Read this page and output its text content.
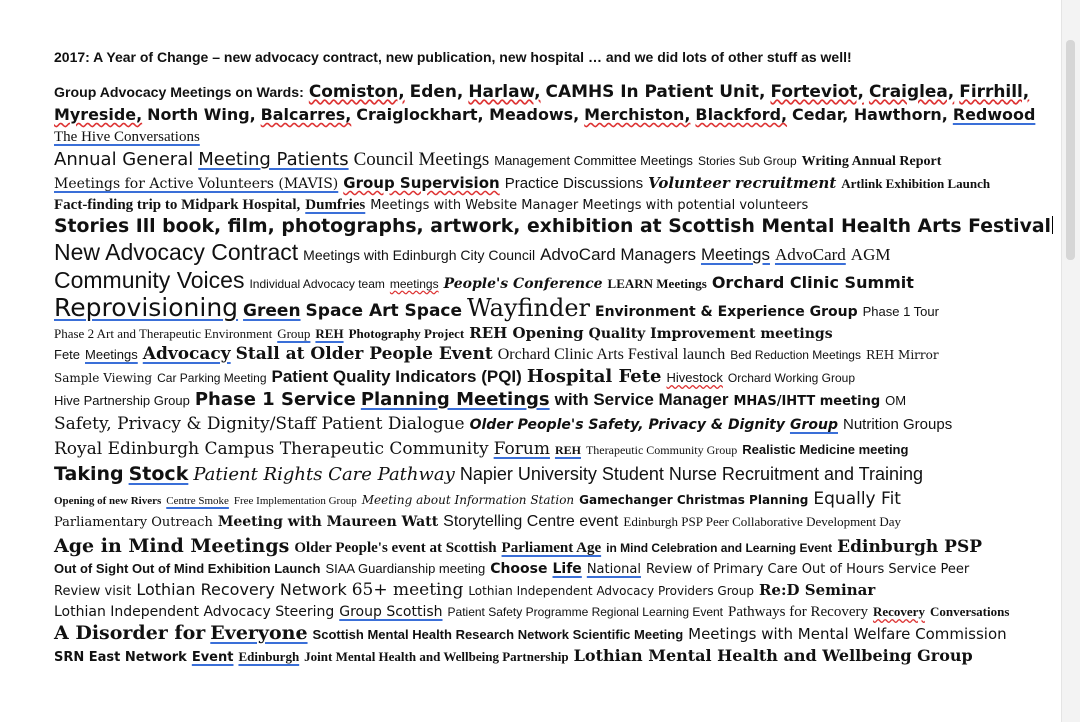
2017: A Year of Change – new advocacy contract, new publication, new hospital … and we did lots of other stuff as well!
Group Advocacy Meetings on Wards: Comiston, Eden, Harlaw, CAMHS In Patient Unit, Forteviot, Craiglea, Firrhill,
Myreside, North Wing, Balcarres, Craiglockhart, Meadows, Merchiston, Blackford, Cedar, Hawthorn, Redwood
The Hive Conversations
Annual General Meeting Patients Council Meetings Management Committee Meetings Stories Sub Group Writing Annual Report
Meetings for Active Volunteers (MAVIS) Group Supervision Practice Discussions Volunteer recruitment Artlink Exhibition Launch
Fact-finding trip to Midpark Hospital, Dumfries Meetings with Website Manager Meetings with potential volunteers
Stories Ill book, film, photographs, artwork, exhibition at Scottish Mental Health Arts Festival
New Advocacy Contract Meetings with Edinburgh City Council AdvoCard Managers Meetings AdvoCard AGM
Community Voices Individual Advocacy team meetings People's Conference LEARN Meetings Orchard Clinic Summit
Reprovisioning Green Space Art Space Wayfinder Environment & Experience Group Phase 1 Tour
Phase 2 Art and Therapeutic Environment Group REH Photography Project REH Opening Quality Improvement meetings
Fete Meetings Advocacy Stall at Older People Event Orchard Clinic Arts Festival launch Bed Reduction Meetings REH Mirror
Sample Viewing Car Parking Meeting Patient Quality Indicators (PQI) Hospital Fete Hivestock Orchard Working Group
Hive Partnership Group Phase 1 Service Planning Meetings with Service Manager MHAS/IHTT meeting OM
Safety, Privacy & Dignity/Staff Patient Dialogue Older People's Safety, Privacy & Dignity Group Nutrition Groups
Royal Edinburgh Campus Therapeutic Community Forum REH Therapeutic Community Group Realistic Medicine meeting
Taking Stock Patient Rights Care Pathway Napier University Student Nurse Recruitment and Training
Opening of new Rivers Centre Smoke Free Implementation Group Meeting about Information Station Gamechanger Christmas Planning Equally Fit
Parliamentary Outreach Meeting with Maureen Watt Storytelling Centre event Edinburgh PSP Peer Collaborative Development Day
Age in Mind Meetings Older People's event at Scottish Parliament Age in Mind Celebration and Learning Event Edinburgh PSP
Out of Sight Out of Mind Exhibition Launch SIAA Guardianship meeting Choose Life National Review of Primary Care Out of Hours Service Peer
Review visit Lothian Recovery Network 65+ meeting Lothian Independent Advocacy Providers Group Re:D Seminar
Lothian Independent Advocacy Steering Group Scottish Patient Safety Programme Regional Learning Event Pathways for Recovery Recovery Conversations
A Disorder for Everyone Scottish Mental Health Research Network Scientific Meeting Meetings with Mental Welfare Commission
SRN East Network Event Edinburgh Joint Mental Health and Wellbeing Partnership Lothian Mental Health and Wellbeing Group
